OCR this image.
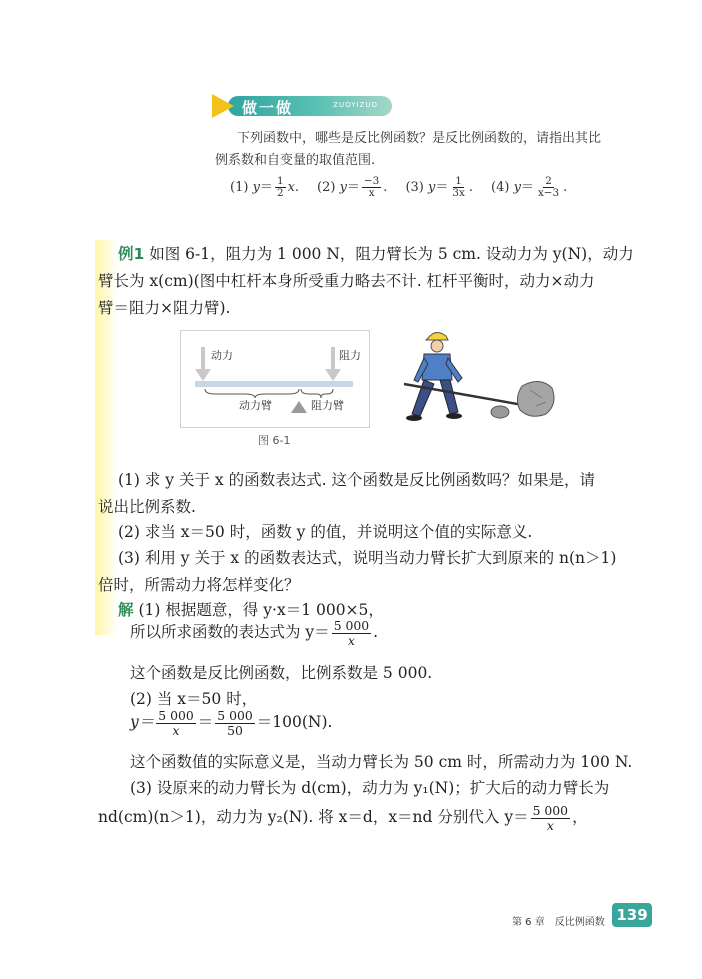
做一做	ZUOYIZUO
下列函数中，哪些是反比例函数？是反比例函数的，请指出其比
例系数和自变量的取值范围.
(1) $y= \frac{1}{2} x$. (2) $y= \frac{-3}{x}$ . (3) $y= \frac{1}{3x}$ . (4) $y= \frac{2}{x-3}$ .
例1 如图 6-1，阻力为 1 000 N，阻力臂长为 5 cm. 设动力为 y(N)，动力
臂长为 x(cm)(图中杠杆本身所受重力略去不计. 杠杆平衡时，动力×动力
臂＝阻力×阻力臂).
动力	阻力
动力臂	阻力臂
图 6-1
(1) 求 y 关于 x 的函数表达式. 这个函数是反比例函数吗？如果是，请
说出比例系数.
(2) 求当 x＝50 时，函数 y 的值，并说明这个值的实际意义.
(3) 利用 y 关于 x 的函数表达式，说明当动力臂长扩大到原来的 n(n＞1)
倍时，所需动力将怎样变化？
解 (1) 根据题意，得 y·x＝1 000×5，
所以所求函数的表达式为 $y= \frac{5 000}{x}$ .
这个函数是反比例函数，比例系数是 5 000.
(2) 当 x＝50 时，
$y= \frac{5 000}{x} = \frac{5 000}{50} =100(N)$.
这个函数值的实际意义是，当动力臂长为 50 cm 时，所需动力为 100 N.
(3) 设原来的动力臂长为 d(cm)，动力为 y₁(N)；扩大后的动力臂长为
nd(cm)(n＞1)，动力为 y₂(N). 将 x＝d，x＝nd 分别代入 $y= \frac{5 000}{x}$ ，
第 6 章　反比例函数 139
